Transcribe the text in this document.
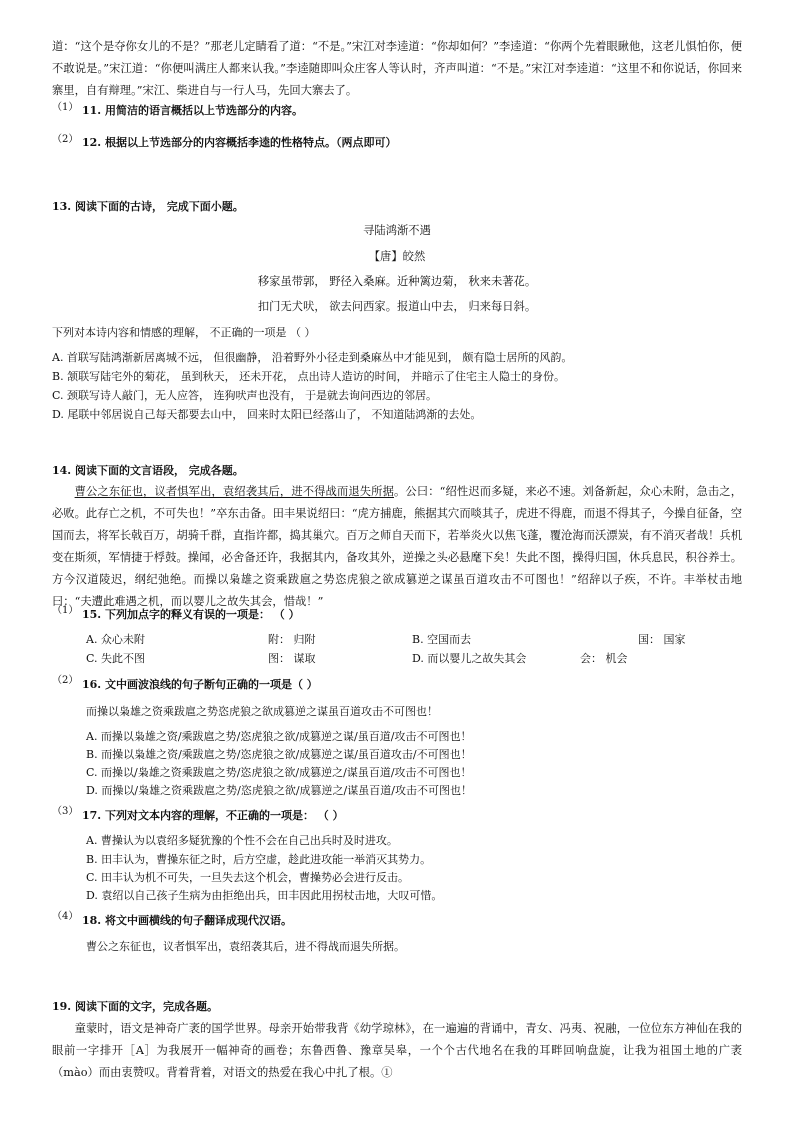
道：“这个是夺你女儿的不是？”那老儿定睛看了道：“不是。”宋江对李逵道：“你却如何？”李逵道：“你两个先着眼瞅他，这老儿惧怕你，便不敢说是。”宋江道：“你便叫满庄人都来认我。”李逵随即叫众庄客人等认时，齐声叫道：“不是。”宋江对李逵道：“这里不和你说话，你回来寨里，自有辩理。”宋江、柴进自与一行人马，先回大寨去了。

（1） 11. 用简洁的语言概括以上节选部分的内容。
（2） 12. 根据以上节选部分的内容概括李逵的性格特点。（两点即可）
13. 阅读下面的古诗， 完成下面小题。
寻陆鸿渐不遇
【唐】皎然
移家虽带郭， 野径入桑麻。近种篱边菊， 秋来未著花。
扣门无犬吠， 欲去问西家。报道山中去， 归来每日斜。
下列对本诗内容和情感的理解， 不正确的一项是 （ ）
A. 首联写陆鸿渐新居离城不远， 但很幽静， 沿着野外小径走到桑麻丛中才能见到， 颇有隐士居所的风韵。
B. 颔联写陆宅外的菊花， 虽到秋天， 还未开花， 点出诗人造访的时间， 并暗示了住宅主人隐士的身份。
C. 颈联写诗人敲门，无人应答， 连狗吠声也没有， 于是就去询问西边的邻居。
D. 尾联中邻居说自己每天都要去山中， 回来时太阳已经落山了， 不知道陆鸿渐的去处。
14. 阅读下面的文言语段， 完成各题。

曹公之东征也，议者惧军出，袁绍袭其后，进不得战而退失所据。公曰：“绍性迟而多疑，来必不速。刘备新起，众心未附，急击之，必败。此存亡之机，不可失也！”卒东击备。田丰果说绍曰：“虎方捕鹿，熊据其穴而啖其子，虎进不得鹿，而退不得其子，今操自征备，空国而去，将军长戟百万，胡骑千群，直指许都，捣其巢穴。百万之师自天而下，若举炎火以焦飞蓬，覆沧海而沃漂炭，有不消灭者哉！兵机变在斯须，军情捷于桴鼓。操闻，必舍备还许，我据其内，备攻其外，逆操之头必悬麾下矣！失此不图，操得归国，休兵息民，积谷养士。方今汉道陵迟，纲纪弛绝。而操以枭雄之资乘跋扈之势恣虎狼之欲成篡逆之谋虽百道攻击不可图也！”绍辞以子疾，不许。丰举杖击地曰：“夫遭此难遇之机，而以婴儿之故失其会，惜哉！”

（1） 15. 下列加点字的释义有误的一项是： （ ）
A. 众心未附	附： 归附	B. 空国而去	国： 国家
C. 失此不图	图： 谋取	D. 而以婴儿之故失其会	会： 机会
（2） 16. 文中画波浪线的句子断句正确的一项是（ ）
而操以枭雄之资乘跋扈之势恣虎狼之欲成篡逆之谋虽百道攻击不可图也！
A. 而操以枭雄之资/乘跋扈之势/恣虎狼之欲/成篡逆之谋/虽百道/攻击不可图也！
B. 而操以枭雄之资/乘跋扈之势/恣虎狼之欲/成篡逆之谋/虽百道攻击/不可图也！
C. 而操以/枭雄之资乘跋扈之势/恣虎狼之欲/成篡逆之/谋虽百道/攻击不可图也！
D. 而操以/枭雄之资乘跋扈之势/恣虎狼之欲/成篡逆之/谋虽百道/攻击不可图也！
（3） 17. 下列对文本内容的理解，不正确的一项是： （ ）
A. 曹操认为以袁绍多疑犹豫的个性不会在自己出兵时及时进攻。
B. 田丰认为，曹操东征之时，后方空虚，趁此进攻能一举消灭其势力。
C. 田丰认为机不可失，一旦失去这个机会，曹操势必会进行反击。
D. 袁绍以自己孩子生病为由拒绝出兵，田丰因此用拐杖击地，大叹可惜。
（4） 18. 将文中画横线的句子翻译成现代汉语。
曹公之东征也，议者惧军出，袁绍袭其后，进不得战而退失所据。
19. 阅读下面的文字，完成各题。

童蒙时，语文是神奇广袤的国学世界。母亲开始带我背《幼学琼林》，在一遍遍的背诵中，青女、冯夷、祝融，一位位东方神仙在我的眼前一字排开［A］为我展开一幅神奇的画卷；东鲁西鲁、豫章吴皋，一个个古代地名在我的耳畔回响盘旋，让我为祖国土地的广袤（mào）而由衷赞叹。背着背着，对语文的热爱在我心中扎了根。①
